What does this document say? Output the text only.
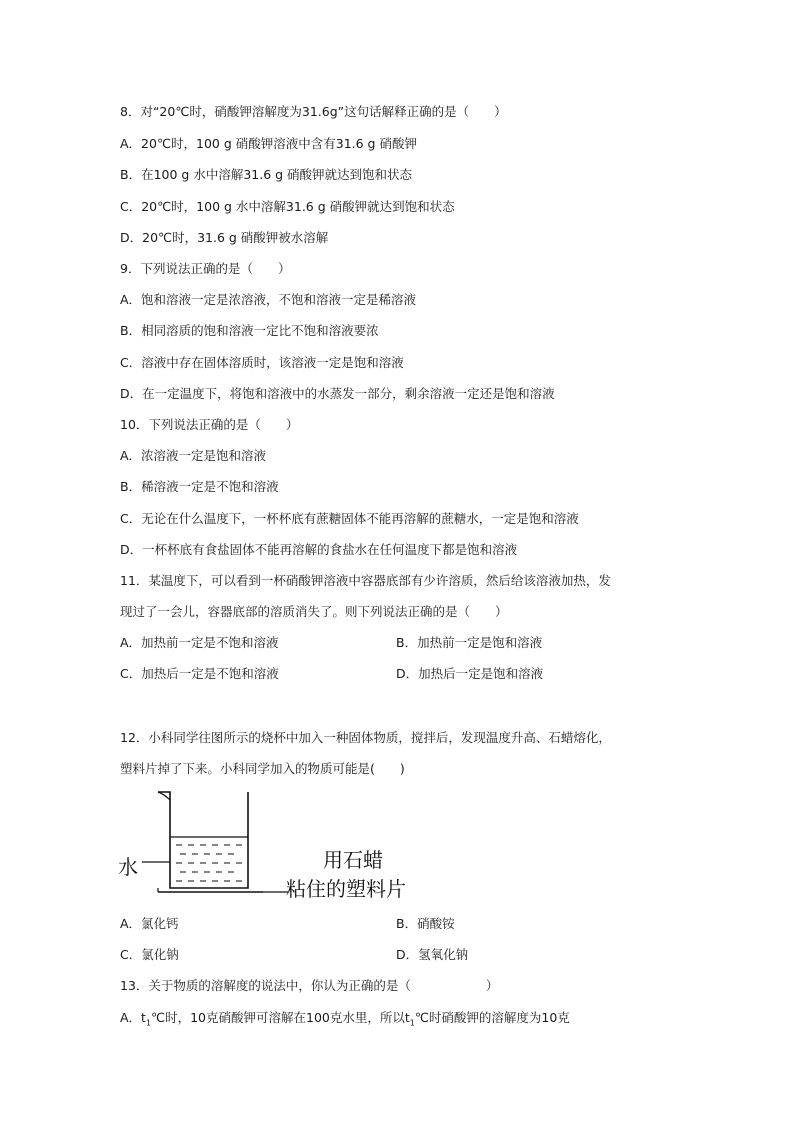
8．对“20℃时，硝酸钾溶解度为31.6g”这句话解释正确的是（　　）
A．20℃时，100 g 硝酸钾溶液中含有31.6 g 硝酸钾
B．在100 g 水中溶解31.6 g 硝酸钾就达到饱和状态
C．20℃时，100 g 水中溶解31.6 g 硝酸钾就达到饱和状态
D．20℃时，31.6 g 硝酸钾被水溶解
9．下列说法正确的是（　　）
A．饱和溶液一定是浓溶液，不饱和溶液一定是稀溶液
B．相同溶质的饱和溶液一定比不饱和溶液要浓
C．溶液中存在固体溶质时，该溶液一定是饱和溶液
D．在一定温度下，将饱和溶液中的水蒸发一部分，剩余溶液一定还是饱和溶液
10．下列说法正确的是（　　）
A．浓溶液一定是饱和溶液
B．稀溶液一定是不饱和溶液
C．无论在什么温度下，一杯杯底有蔗糖固体不能再溶解的蔗糖水，一定是饱和溶液
D．一杯杯底有食盐固体不能再溶解的食盐水在任何温度下都是饱和溶液
11．某温度下，可以看到一杯硝酸钾溶液中容器底部有少许溶质，然后给该溶液加热，发
现过了一会儿，容器底部的溶质消失了。则下列说法正确的是（　　）
A．加热前一定是不饱和溶液	B．加热前一定是饱和溶液
C．加热后一定是不饱和溶液	D．加热后一定是饱和溶液
12．小科同学往图所示的烧杯中加入一种固体物质，搅拌后，发现温度升高、石蜡熔化，
塑料片掉了下来。小科同学加入的物质可能是(　　)
水	用石蜡
粘住的塑料片
A．氯化钙	B．硝酸铵
C．氯化钠	D．氢氧化钠
13．关于物质的溶解度的说法中，你认为正确的是（　　　　　　）
A．$t_1℃$时，10克硝酸钾可溶解在100克水里，所以$t_1℃$时硝酸钾的溶解度为10克
